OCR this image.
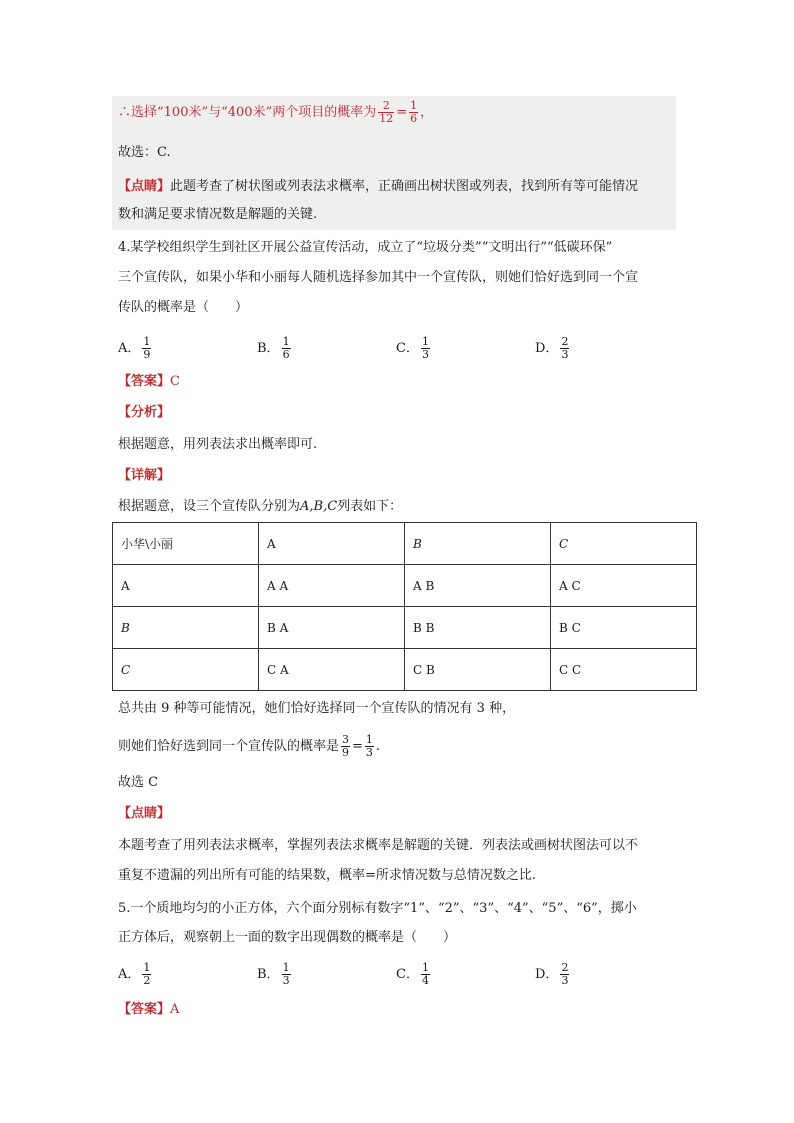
∴选择“100米”与“400米”两个项目的概率为 $\frac{2}{12} = \frac{1}{6}$ ，
故选：C.
【点睛】此题考查了树状图或列表法求概率，正确画出树状图或列表，找到所有等可能情况
数和满足要求情况数是解题的关键.
4.某学校组织学生到社区开展公益宣传活动，成立了“垃圾分类”“文明出行”“低碳环保”
三个宣传队，如果小华和小丽每人随机选择参加其中一个宣传队，则她们恰好选到同一个宣
传队的概率是（　　）
A． $\frac{1}{9}$	B． $\frac{1}{6}$	C． $\frac{1}{3}$	D． $\frac{2}{3}$
【答案】C
【分析】
根据题意，用列表法求出概率即可.
【详解】
根据题意，设三个宣传队分别为A,B,C列表如下：
小华\小丽	A	B	C
A	A A	A B	A C
B	B A	B B	B C
C	C A	C B	C C
总共由 9 种等可能情况，她们恰好选择同一个宣传队的情况有 3 种，
则她们恰好选到同一个宣传队的概率是 $\frac{3}{9} = \frac{1}{3}$ .
故选 C
【点睛】
本题考查了用列表法求概率，掌握列表法求概率是解题的关键．列表法或画树状图法可以不
重复不遗漏的列出所有可能的结果数，概率=所求情况数与总情况数之比.
5.一个质地均匀的小正方体，六个面分别标有数字“1”、“2”、“3”、“4”、“5”、“6”，掷小
正方体后，观察朝上一面的数字出现偶数的概率是（　　）
A． $\frac{1}{2}$	B． $\frac{1}{3}$	C． $\frac{1}{4}$	D． $\frac{2}{3}$
【答案】A
